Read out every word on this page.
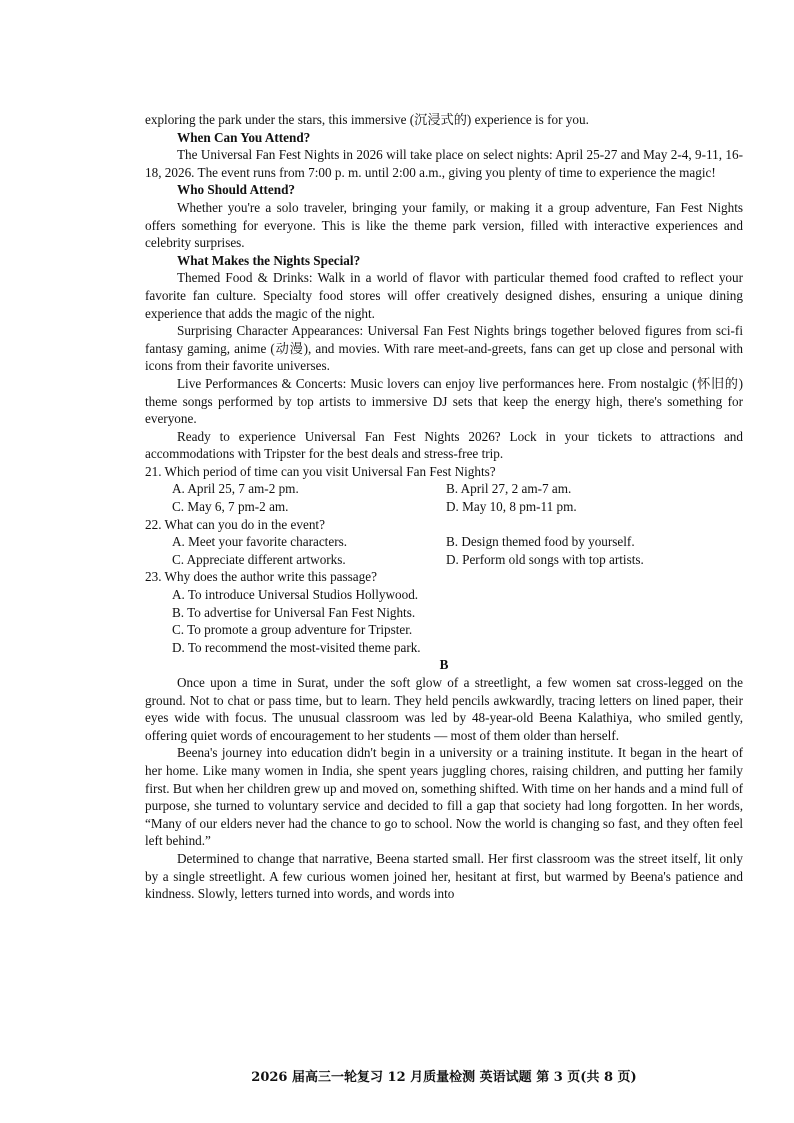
exploring the park under the stars, this immersive (沉浸式的) experience is for you.

When Can You Attend?

The Universal Fan Fest Nights in 2026 will take place on select nights: April 25-27 and May 2-4, 9-11, 16-18, 2026. The event runs from 7:00 p. m. until 2:00 a.m., giving you plenty of time to experience the magic!

Who Should Attend?

Whether you're a solo traveler, bringing your family, or making it a group adventure, Fan Fest Nights offers something for everyone. This is like the theme park version, filled with interactive experiences and celebrity surprises.

What Makes the Nights Special?

Themed Food & Drinks: Walk in a world of flavor with particular themed food crafted to reflect your favorite fan culture. Specialty food stores will offer creatively designed dishes, ensuring a unique dining experience that adds the magic of the night.

Surprising Character Appearances: Universal Fan Fest Nights brings together beloved figures from sci-fi fantasy gaming, anime (动漫), and movies. With rare meet-and-greets, fans can get up close and personal with icons from their favorite universes.

Live Performances & Concerts: Music lovers can enjoy live performances here. From nostalgic (怀旧的) theme songs performed by top artists to immersive DJ sets that keep the energy high, there's something for everyone.

Ready to experience Universal Fan Fest Nights 2026? Lock in your tickets to attractions and accommodations with Tripster for the best deals and stress-free trip.

21. Which period of time can you visit Universal Fan Fest Nights?

A. April 25, 7 am-2 pm.	B. April 27, 2 am-7 am.
C. May 6, 7 pm-2 am.	D. May 10, 8 pm-11 pm.

22. What can you do in the event?

A. Meet your favorite characters.	B. Design themed food by yourself.
C. Appreciate different artworks.	D. Perform old songs with top artists.

23. Why does the author write this passage?

A. To introduce Universal Studios Hollywood.
B. To advertise for Universal Fan Fest Nights.
C. To promote a group adventure for Tripster.
D. To recommend the most-visited theme park.

B

Once upon a time in Surat, under the soft glow of a streetlight, a few women sat cross-legged on the ground. Not to chat or pass time, but to learn. They held pencils awkwardly, tracing letters on lined paper, their eyes wide with focus. The unusual classroom was led by 48-year-old Beena Kalathiya, who smiled gently, offering quiet words of encouragement to her students — most of them older than herself.

Beena's journey into education didn't begin in a university or a training institute. It began in the heart of her home. Like many women in India, she spent years juggling chores, raising children, and putting her family first. But when her children grew up and moved on, something shifted. With time on her hands and a mind full of purpose, she turned to voluntary service and decided to fill a gap that society had long forgotten. In her words, “Many of our elders never had the chance to go to school. Now the world is changing so fast, and they often feel left behind.”

Determined to change that narrative, Beena started small. Her first classroom was the street itself, lit only by a single streetlight. A few curious women joined her, hesitant at first, but warmed by Beena's patience and kindness. Slowly, letters turned into words, and words into

2026 届高三一轮复习 12 月质量检测 英语试题 第 3 页(共 8 页)
